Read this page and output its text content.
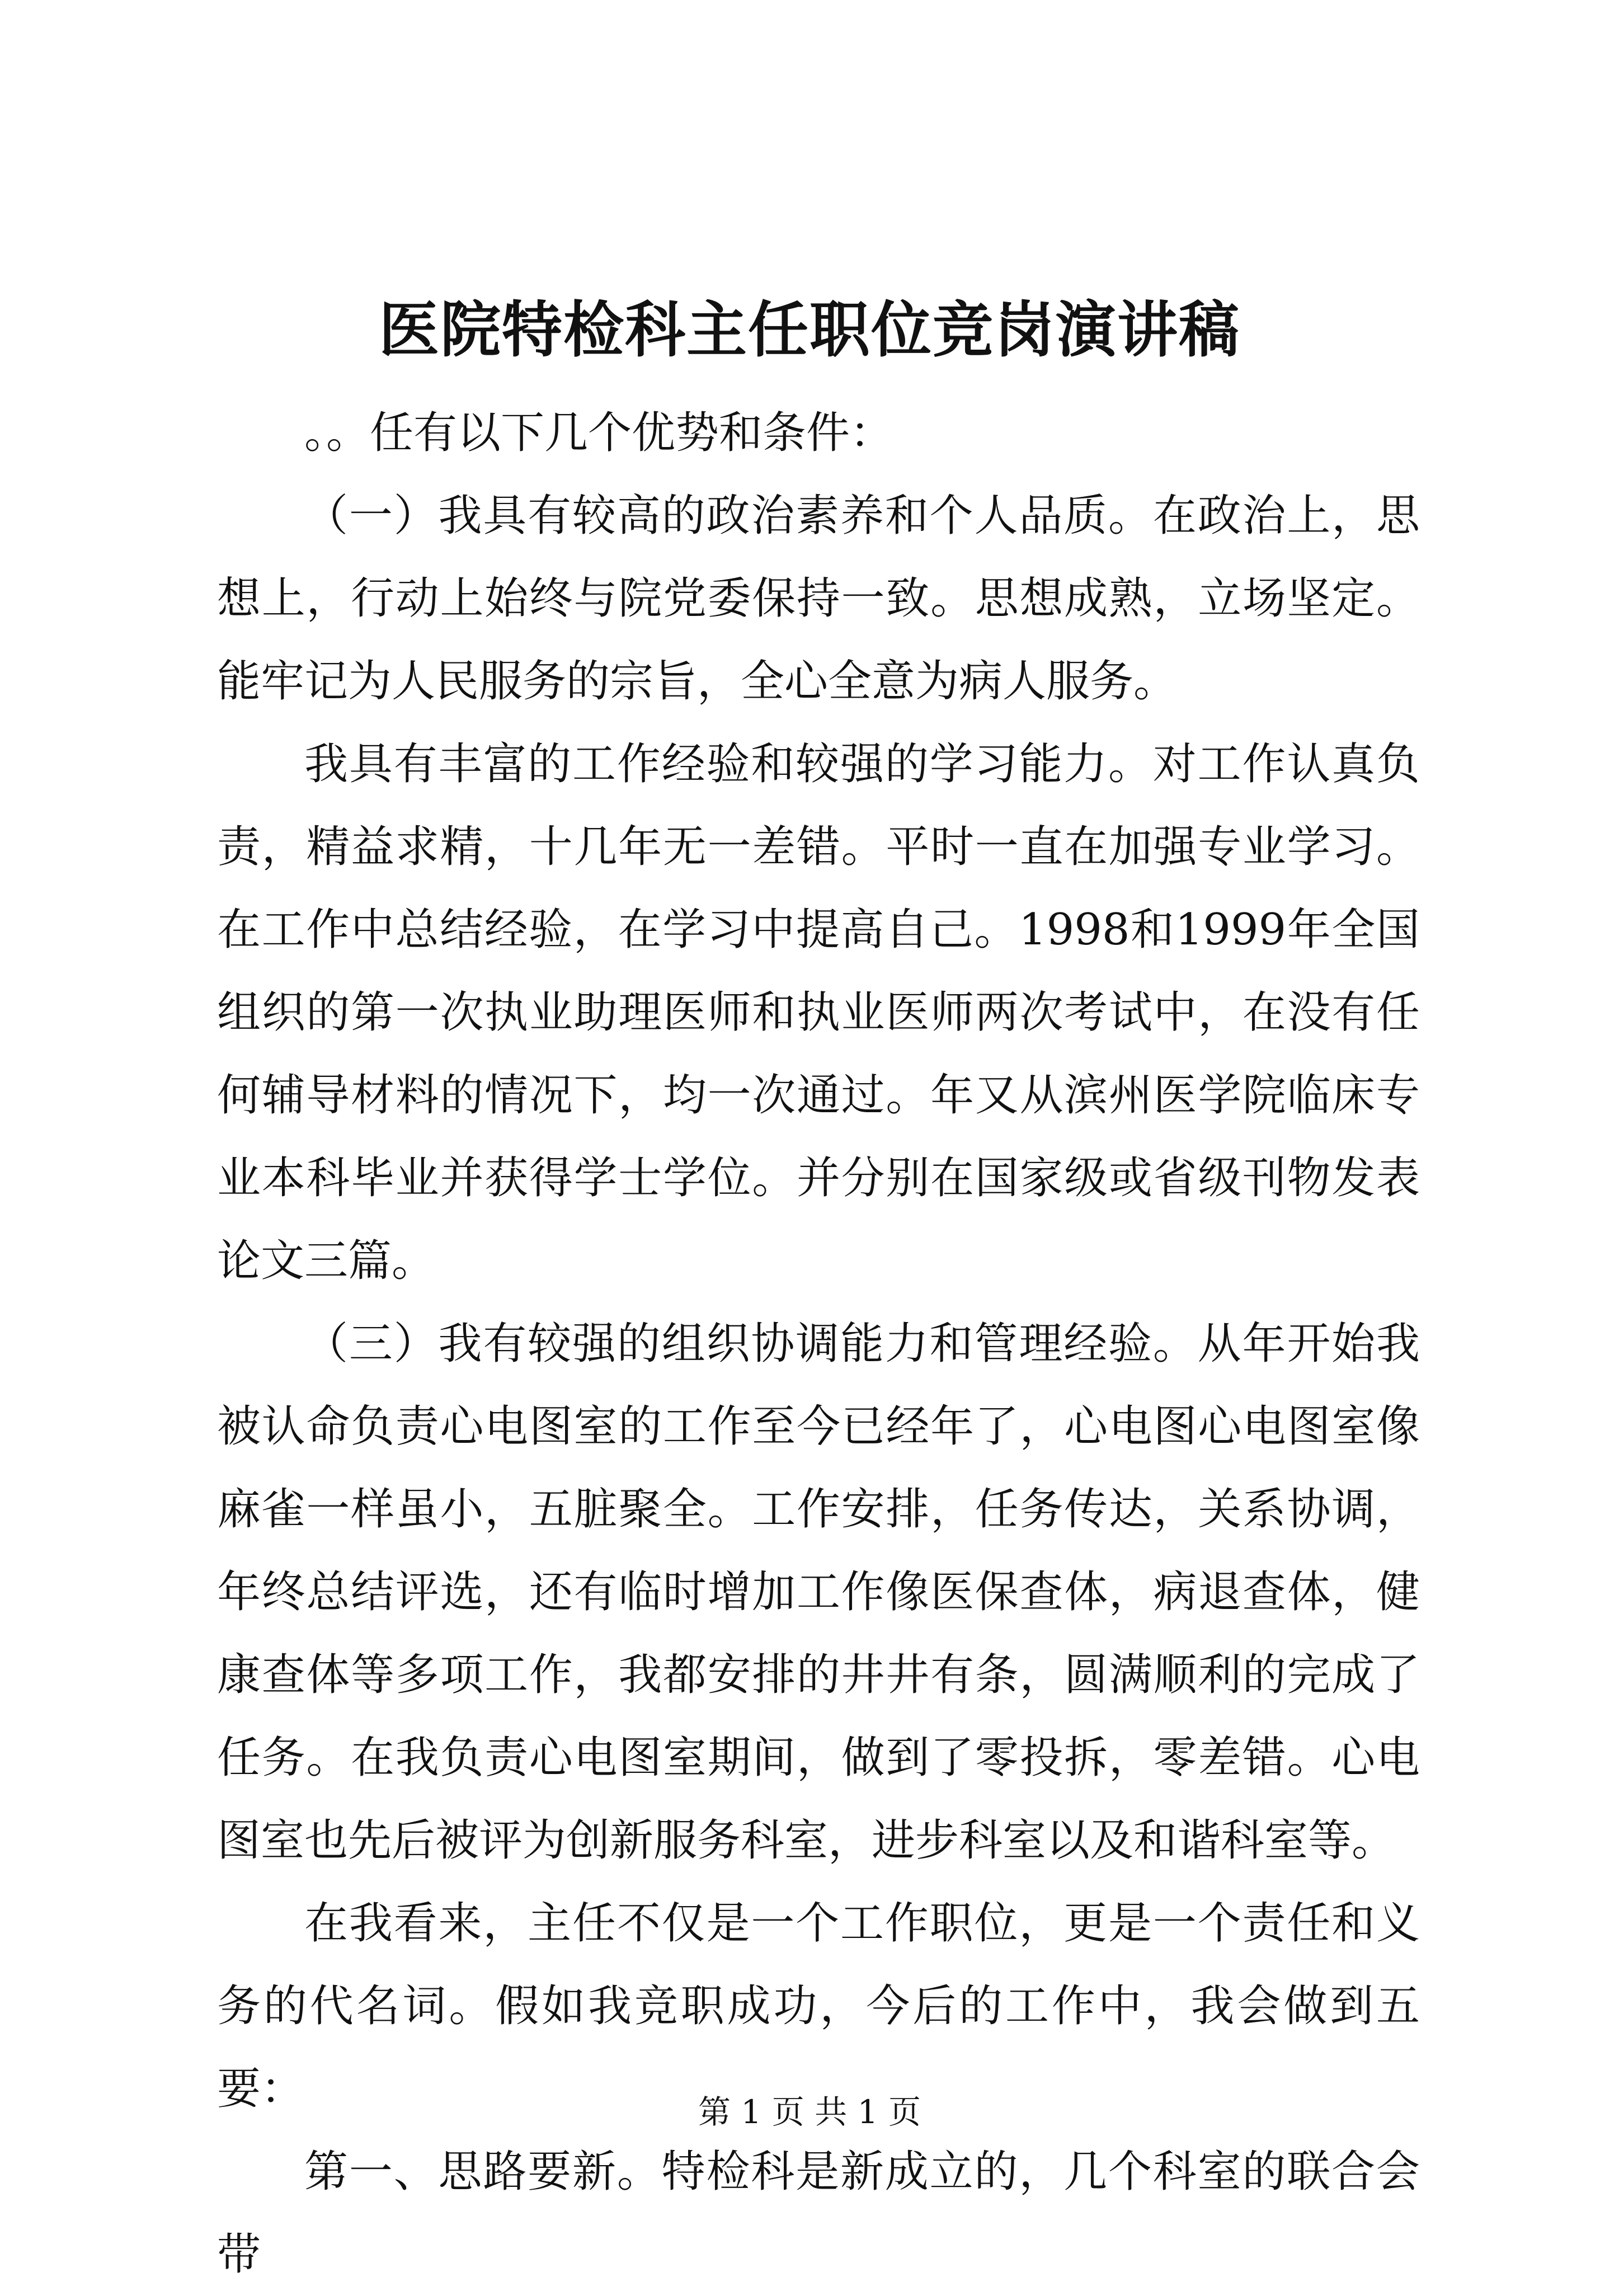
医院特检科主任职位竞岗演讲稿

。。任有以下几个优势和条件：

（一）我具有较高的政治素养和个人品质。在政治上，思想上，行动上始终与院党委保持一致。思想成熟，立场坚定。能牢记为人民服务的宗旨，全心全意为病人服务。

我具有丰富的工作经验和较强的学习能力。对工作认真负责，精益求精，十几年无一差错。平时一直在加强专业学习。在工作中总结经验，在学习中提高自己。1998和1999年全国组织的第一次执业助理医师和执业医师两次考试中，在没有任何辅导材料的情况下，均一次通过。年又从滨州医学院临床专业本科毕业并获得学士学位。并分别在国家级或省级刊物发表论文三篇。

（三）我有较强的组织协调能力和管理经验。从年开始我被认命负责心电图室的工作至今已经年了，心电图心电图室像麻雀一样虽小，五脏聚全。工作安排，任务传达，关系协调，年终总结评选，还有临时增加工作像医保查体，病退查体，健康查体等多项工作，我都安排的井井有条，圆满顺利的完成了任务。在我负责心电图室期间，做到了零投拆，零差错。心电图室也先后被评为创新服务科室，进步科室以及和谐科室等。

在我看来，主任不仅是一个工作职位，更是一个责任和义务的代名词。假如我竞职成功，今后的工作中，我会做到五要：

第一、思路要新。特检科是新成立的，几个科室的联合会带

第 1 页 共 1 页
